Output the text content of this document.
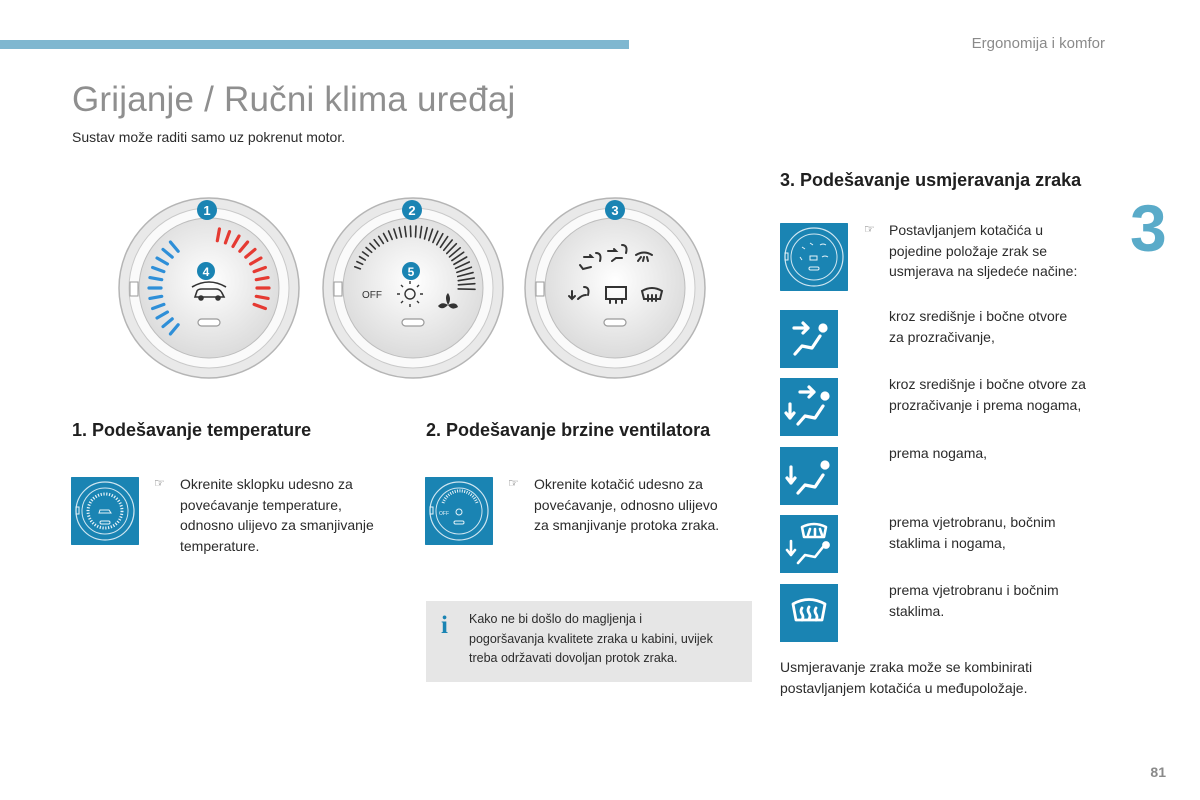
Ergonomija i komfor
Grijanje / Ručni klima uređaj

Sustav može raditi samo uz pokrenut motor.

3
4
1
OFF
5
2	3
1. Podešavanje temperature
☞ Okrenite sklopku udesno za
povećavanje temperature,
odnosno ulijevo za smanjivanje
temperature.
2. Podešavanje brzine ventilatora
OFF
☞ Okrenite kotačić udesno za
povećavanje, odnosno ulijevo
za smanjivanje protoka zraka.
i Kako ne bi došlo do magljenja i
pogoršavanja kvalitete zraka u kabini, uvijek
treba održavati dovoljan protok zraka.
3. Podešavanje usmjeravanja zraka
☞ Postavljanjem kotačića u
pojedine položaje zrak se
usmjerava na sljedeće načine:
kroz središnje i bočne otvore
za prozračivanje,
kroz središnje i bočne otvore za
prozračivanje i prema nogama,
prema nogama,
prema vjetrobranu, bočnim
staklima i nogama,
prema vjetrobranu i bočnim
staklima.
Usmjeravanje zraka može se kombinirati
postavljanjem kotačića u međupoložaje.
81
